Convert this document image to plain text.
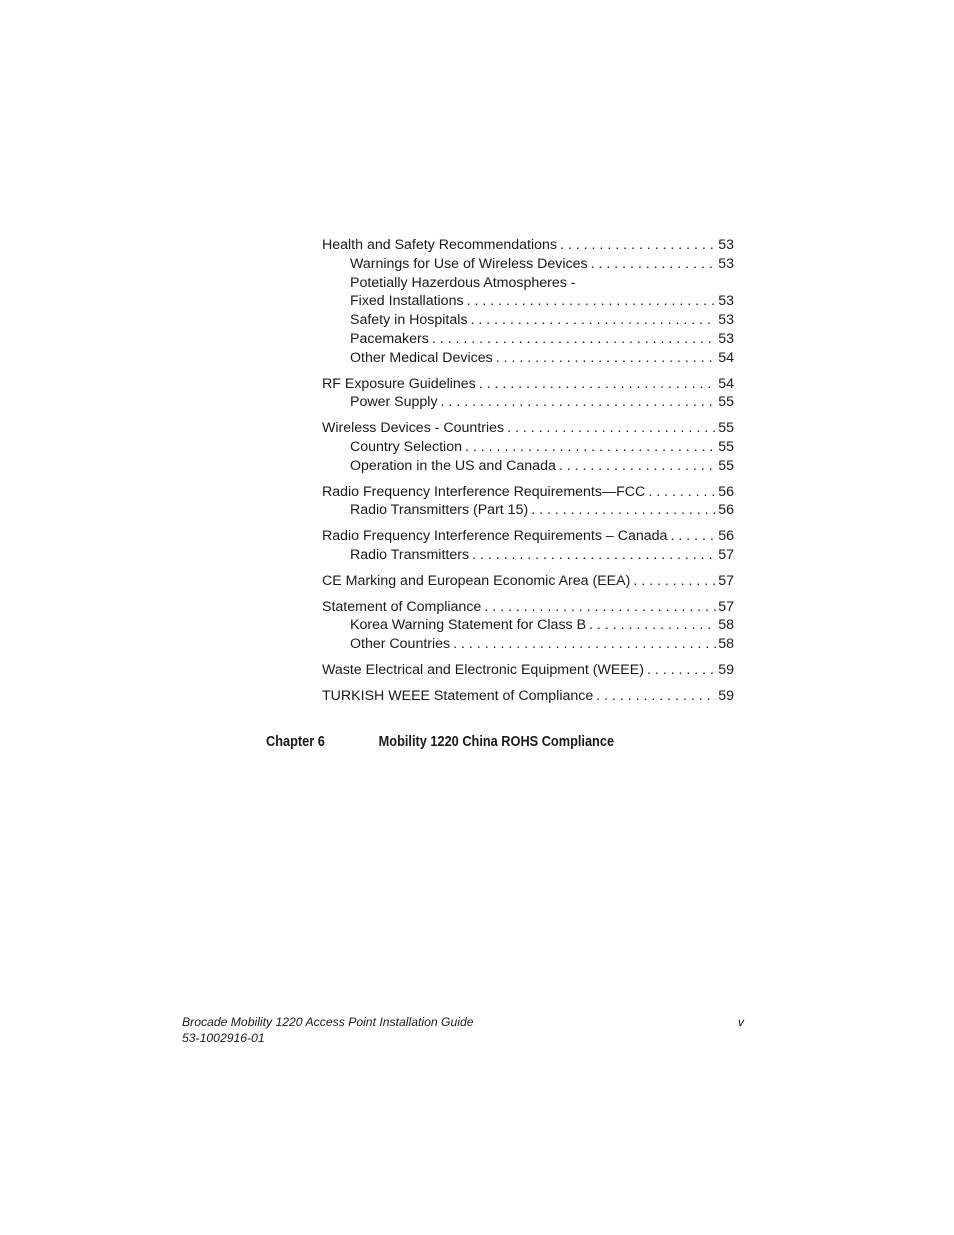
Health and Safety Recommendations . . .	53
Warnings for Use of Wireless Devices . . .	53
Potetially Hazerdous Atmospheres -
Fixed Installations . . .	53
Safety in Hospitals . . .	53
Pacemakers . . .	53
Other Medical Devices . . .	54
RF Exposure Guidelines . . .	54
Power Supply . . .	55
Wireless Devices - Countries . . .	55
Country Selection . . .	55
Operation in the US and Canada . . .	55
Radio Frequency Interference Requirements—FCC . . .	56
Radio Transmitters (Part 15) . . .	56
Radio Frequency Interference Requirements – Canada . . .	56
Radio Transmitters . . .	57
CE Marking and European Economic Area (EEA) . . .	57
Statement of Compliance . . .	57
Korea Warning Statement for Class B . . .	58
Other Countries . . .	58
Waste Electrical and Electronic Equipment (WEEE) . . .	59
TURKISH WEEE Statement of Compliance . . .	59
Chapter 6	Mobility 1220 China ROHS Compliance
Brocade Mobility 1220 Access Point Installation Guide	v
53-1002916-01
